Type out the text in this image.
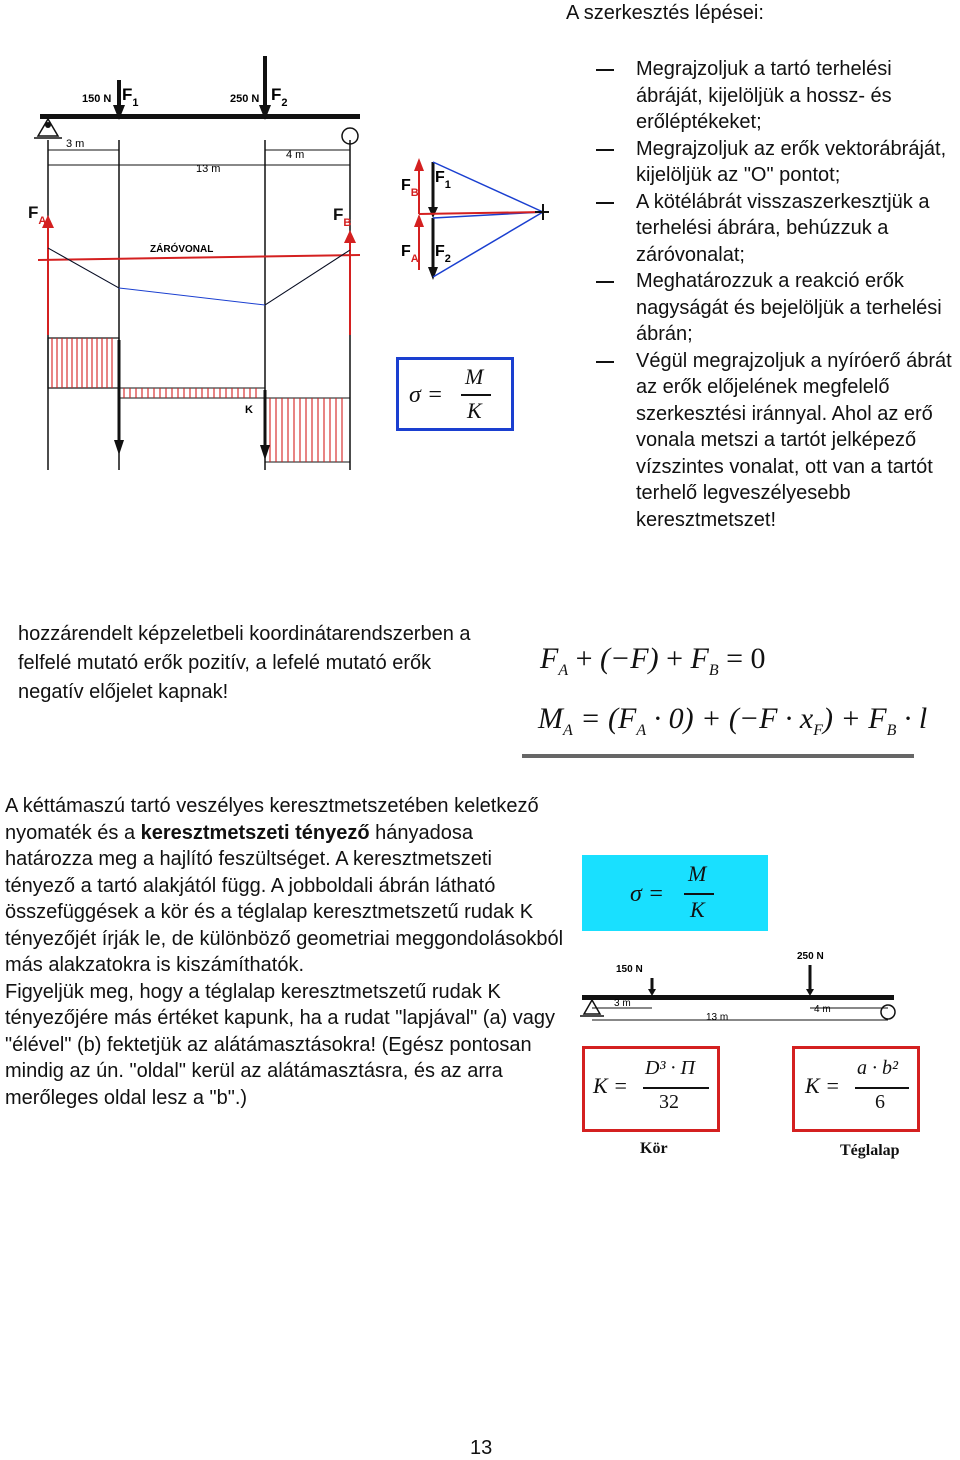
A szerkesztés lépései:
Megrajzoljuk a tartó terhelési ábráját, kijelöljük a hossz- és erőléptékeket;
Megrajzoljuk az erők vektorábráját, kijelöljük az "O" pontot;
A kötélábrát visszaszerkesztjük a terhelési ábrára, behúzzuk a záróvonalat;
Meghatározzuk a reakció erők nagyságát és bejelöljük a terhelési ábrán;
Végül megrajzoljuk a nyíróerő ábrát az erők előjelének megfelelő szerkesztési iránnyal. Ahol az erő vonala metszi a tartót jelképező vízszintes vonalat, ott van a tartót terhelő legveszélyesebb keresztmetszet!
150 N $F_1$	250 N $F_2$
3 m
13 m
4 m
$F_A$	$F_B$
ZÁRÓVONAL
K
$F_B$
$F_1$
$F_A$ $F_2$
σ =
M
K
hozzárendelt képzeletbeli koordinátarendszerben a felfelé mutató erők pozitív, a lefelé mutató erők negatív előjelet kapnak!
$F_A + (-F) + F_B = 0$
$M_A = (F_A \cdot 0) + (-F \cdot x_F) + F_B \cdot l$
A kéttámaszú tartó veszélyes keresztmetszetében keletkező nyomaték és a keresztmetszeti tényező hányadosa határozza meg a hajlító feszültséget. A keresztmetszeti tényező a tartó alakjától függ. A jobboldali ábrán látható összefüggések a kör és a téglalap keresztmetszetű rudak K tényezőjét írják le, de különböző geometriai meggondolásokból más alakzatokra is kiszámíthatók.
Figyeljük meg, hogy a téglalap keresztmetszetű rudak K tényezőjére más értéket kapunk, ha a rudat "lapjával" (a) vagy "élével" (b) fektetjük az alátámasztásokra! (Egész pontosan mindig az ún. "oldal" kerül az alátámasztásra, és az arra merőleges oldal lesz a "b".)
σ =
M
K
150 N
250 N
3 m
13 m
4 m
K =
D³ · Π
32
Kör
K =
a · b²
6
Téglalap
13
